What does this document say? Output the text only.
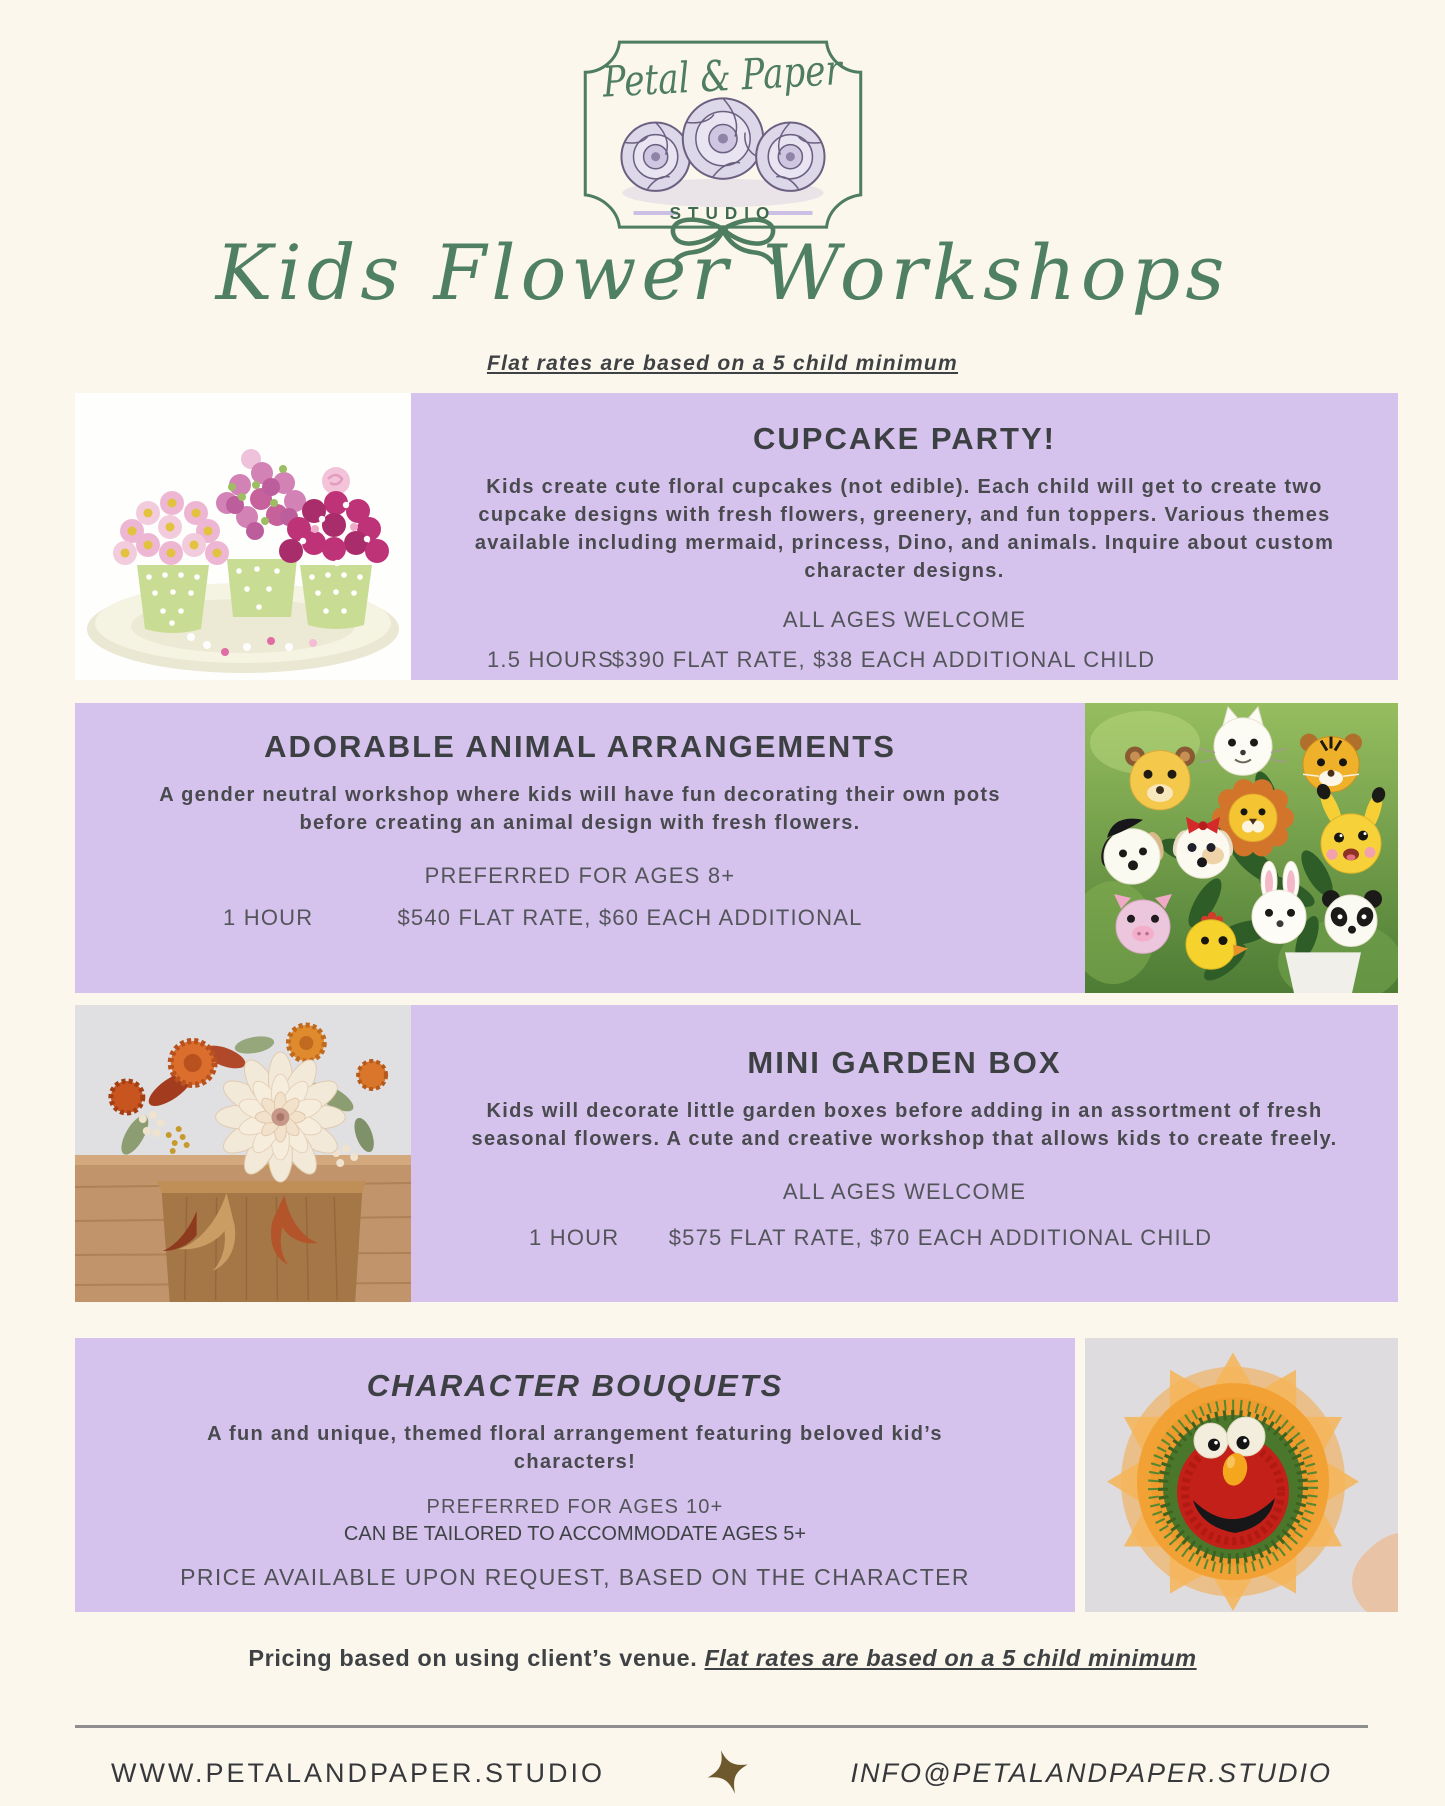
Petal & Paper
STUDIO
Kids Flower Workshops
Flat rates are based on a 5 child minimum
CUPCAKE PARTY!

Kids create cute floral cupcakes (not edible). Each child will get to create two cupcake designs with fresh flowers, greenery, and fun toppers. Various themes available including mermaid, princess, Dino, and animals. Inquire about custom character designs.

ALL AGES WELCOME
1.5 HOURS
$390 FLAT RATE, $38 EACH ADDITIONAL CHILD
ADORABLE ANIMAL ARRANGEMENTS

A gender neutral workshop where kids will have fun decorating their own pots before creating an animal design with fresh flowers.

PREFERRED FOR AGES 8+
1 HOUR	$540 FLAT RATE, $60 EACH ADDITIONAL
MINI GARDEN BOX

Kids will decorate little garden boxes before adding in an assortment of fresh seasonal flowers. A cute and creative workshop that allows kids to create freely.

ALL AGES WELCOME
1 HOUR	$575 FLAT RATE, $70 EACH ADDITIONAL CHILD
CHARACTER BOUQUETS

A fun and unique, themed floral arrangement featuring beloved kid’s characters!

PREFERRED FOR AGES 10+
CAN BE TAILORED TO ACCOMMODATE AGES 5+
PRICE AVAILABLE UPON REQUEST, BASED ON THE CHARACTER

Pricing based on using client’s venue. Flat rates are based on a 5 child minimum

WWW.PETALANDPAPER.STUDIO	INFO@PETALANDPAPER.STUDIO
